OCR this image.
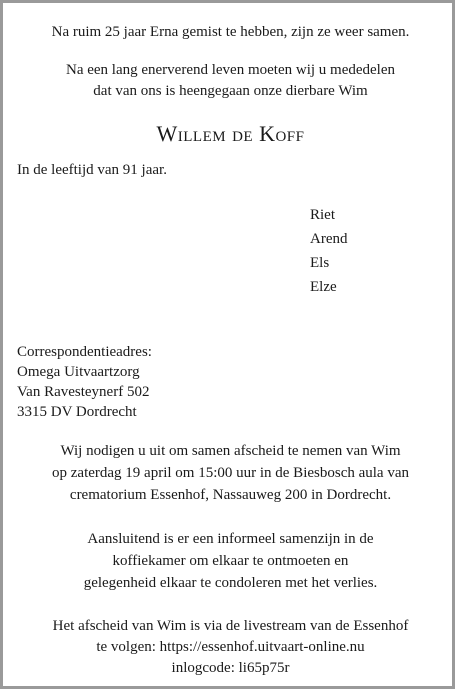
Na ruim 25 jaar Erna gemist te hebben, zijn ze weer samen.
Na een lang enerverend leven moeten wij u mededelen
dat van ons is heengegaan onze dierbare Wim
Willem de Koff
In de leeftijd van 91 jaar.
Riet
Arend
Els
Elze
Correspondentieadres:
Omega Uitvaartzorg
Van Ravesteynerf 502
3315 DV Dordrecht
Wij nodigen u uit om samen afscheid te nemen van Wim
op zaterdag 19 april om 15:00 uur in de Biesbosch aula van
crematorium Essenhof, Nassauweg 200 in Dordrecht.
Aansluitend is er een informeel samenzijn in de
koffiekamer om elkaar te ontmoeten en
gelegenheid elkaar te condoleren met het verlies.
Het afscheid van Wim is via de livestream van de Essenhof
te volgen: https://essenhof.uitvaart-online.nu
inlogcode: li65p75r
